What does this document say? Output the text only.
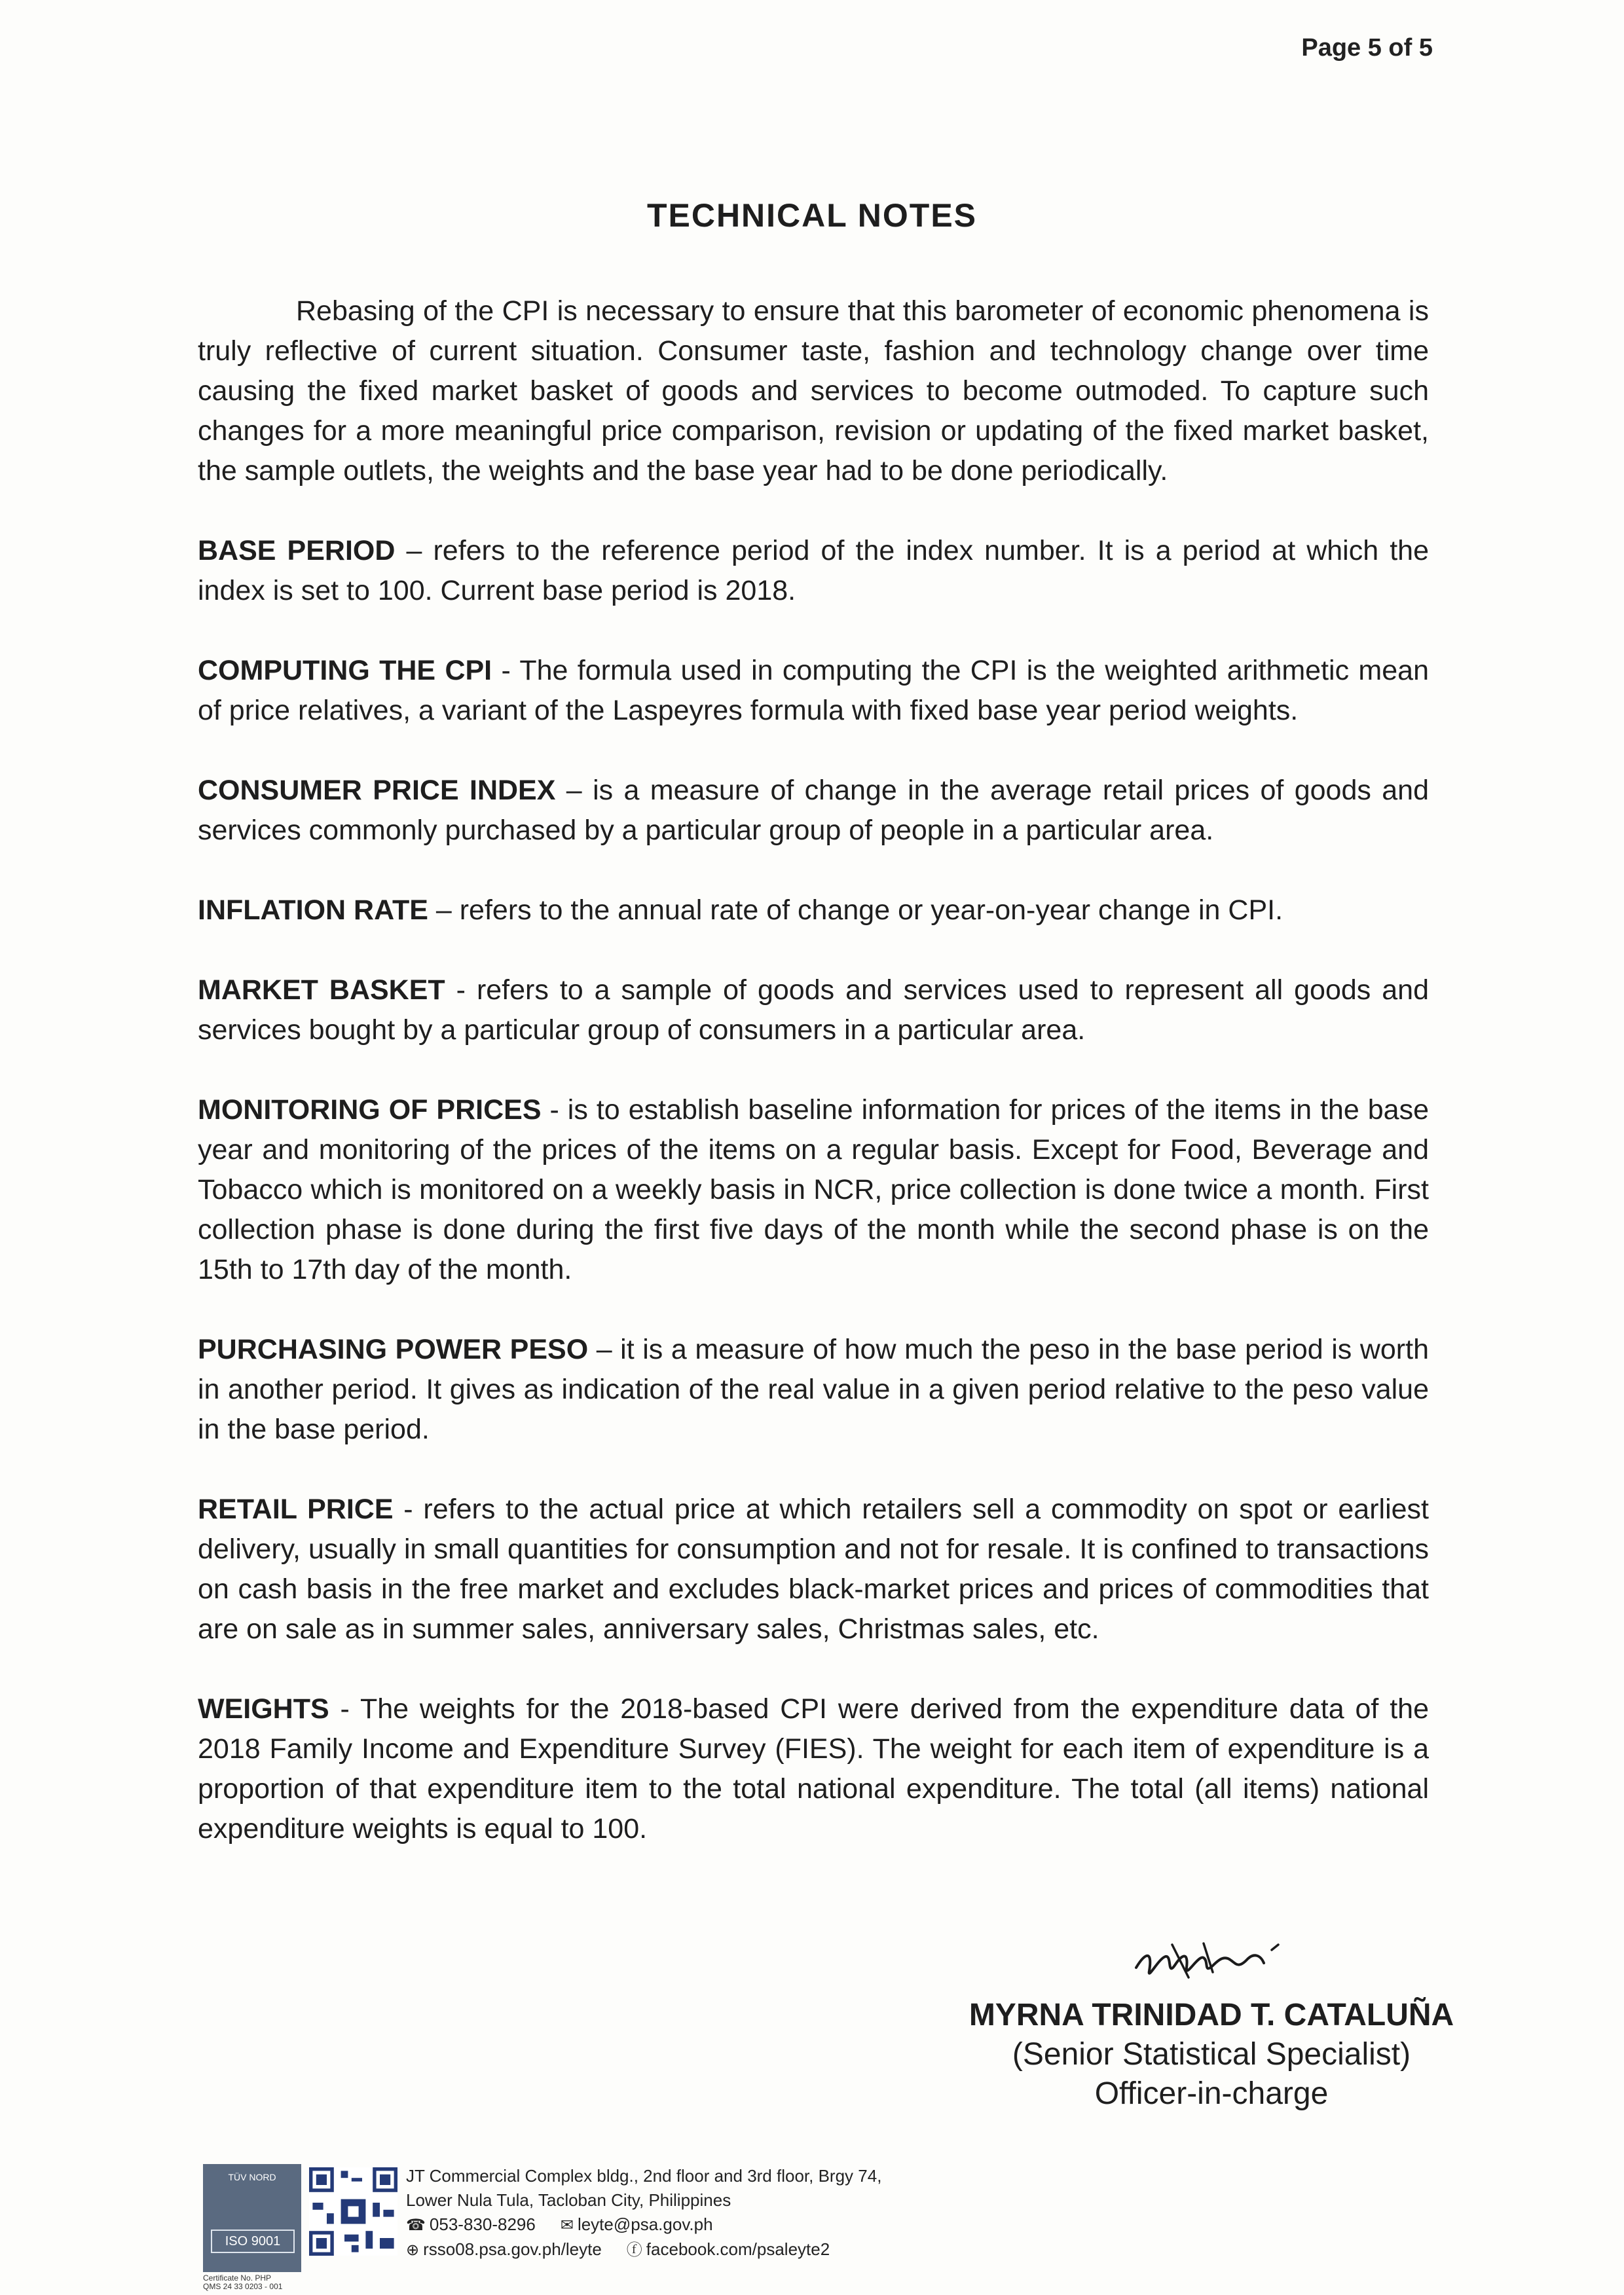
Page 5 of 5
TECHNICAL NOTES

Rebasing of the CPI is necessary to ensure that this barometer of economic phenomena is truly reflective of current situation. Consumer taste, fashion and technology change over time causing the fixed market basket of goods and services to become outmoded. To capture such changes for a more meaningful price comparison, revision or updating of the fixed market basket, the sample outlets, the weights and the base year had to be done periodically.

BASE PERIOD – refers to the reference period of the index number. It is a period at which the index is set to 100. Current base period is 2018.

COMPUTING THE CPI - The formula used in computing the CPI is the weighted arithmetic mean of price relatives, a variant of the Laspeyres formula with fixed base year period weights.

CONSUMER PRICE INDEX – is a measure of change in the average retail prices of goods and services commonly purchased by a particular group of people in a particular area.

INFLATION RATE – refers to the annual rate of change or year-on-year change in CPI.

MARKET BASKET - refers to a sample of goods and services used to represent all goods and services bought by a particular group of consumers in a particular area.

MONITORING OF PRICES - is to establish baseline information for prices of the items in the base year and monitoring of the prices of the items on a regular basis. Except for Food, Beverage and Tobacco which is monitored on a weekly basis in NCR, price collection is done twice a month. First collection phase is done during the first five days of the month while the second phase is on the 15th to 17th day of the month.

PURCHASING POWER PESO – it is a measure of how much the peso in the base period is worth in another period. It gives as indication of the real value in a given period relative to the peso value in the base period.

RETAIL PRICE - refers to the actual price at which retailers sell a commodity on spot or earliest delivery, usually in small quantities for consumption and not for resale. It is confined to transactions on cash basis in the free market and excludes black-market prices and prices of commodities that are on sale as in summer sales, anniversary sales, Christmas sales, etc.

WEIGHTS - The weights for the 2018-based CPI were derived from the expenditure data of the 2018 Family Income and Expenditure Survey (FIES). The weight for each item of expenditure is a proportion of that expenditure item to the total national expenditure. The total (all items) national expenditure weights is equal to 100.

MYRNA TRINIDAD T. CATALUÑA
(Senior Statistical Specialist)
Officer-in-charge
TÜV NORD
ISO 9001
Certificate No. PHP
QMS 24 33 0203 - 001
JT Commercial Complex bldg., 2nd floor and 3rd floor, Brgy 74,
Lower Nula Tula, Tacloban City, Philippines
☎ 053-830-8296 ✉ leyte@psa.gov.ph
⊕ rsso08.psa.gov.ph/leyte ⓕ facebook.com/psaleyte2
